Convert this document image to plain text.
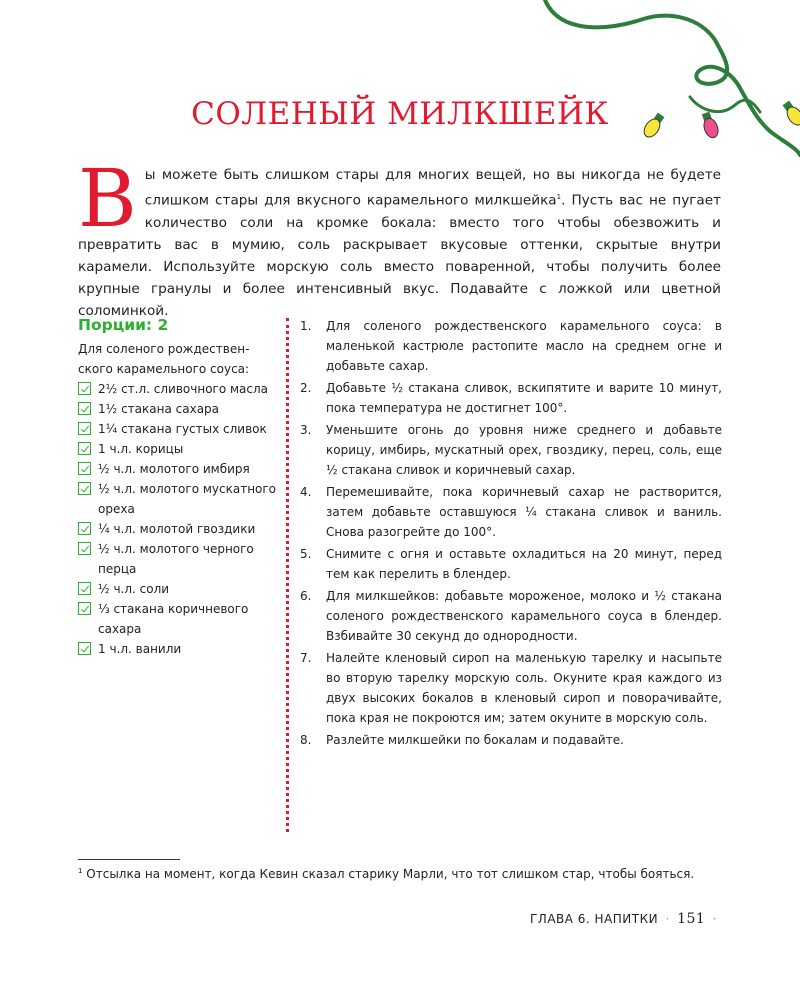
СОЛЕНЫЙ МИЛКШЕЙК

Вы можете быть слишком стары для многих вещей, но вы никогда не будете слишком стары для вкусного карамельного милкшейка$^1$. Пусть вас не пугает количество соли на кромке бокала: вместо того чтобы обезвожить и превратить вас в мумию, соль раскрывает вкусовые оттенки, скрытые внутри карамели. Используйте морскую соль вместо поваренной, чтобы получить более крупные гранулы и более интенсивный вкус. Подавайте с ложкой или цветной соломинкой.

Порции: 2

Для соленого рождественского карамельного соуса:

2½ ст.л. сливочного масла
1½ стакана сахара
1¼ стакана густых сливок
1 ч.л. корицы
½ ч.л. молотого имбиря
½ ч.л. молотого мускатного ореха
¼ ч.л. молотой гвоздики
½ ч.л. молотого черного перца
½ ч.л. соли
⅓ стакана коричневого сахара
1 ч.л. ванили
1. Для соленого рождественского карамельного соуса: в маленькой кастрюле растопите масло на среднем огне и добавьте сахар.
2. Добавьте ½ стакана сливок, вскипятите и варите 10 минут, пока температура не достигнет 100°.
3. Уменьшите огонь до уровня ниже среднего и добавьте корицу, имбирь, мускатный орех, гвоздику, перец, соль, еще ½ стакана сливок и коричневый сахар.
4. Перемешивайте, пока коричневый сахар не растворится, затем добавьте оставшуюся ¼ стакана сливок и ваниль. Снова разогрейте до 100°.
5. Снимите с огня и оставьте охладиться на 20 минут, перед тем как перелить в блендер.
6. Для милкшейков: добавьте мороженое, молоко и ½ стакана соленого рождественского карамельного соуса в блендер. Взбивайте 30 секунд до однородности.
7. Налейте кленовый сироп на маленькую тарелку и насыпьте во вторую тарелку морскую соль. Окуните края каждого из двух высоких бокалов в кленовый сироп и поворачивайте, пока края не покроются им; затем окуните в морскую соль.
8. Разлейте милкшейки по бокалам и подавайте.

$^1$ Отсылка на момент, когда Кевин сказал старику Марли, что тот слишком стар, чтобы бояться.

ГЛАВА 6. НАПИТКИ · 151 ·
